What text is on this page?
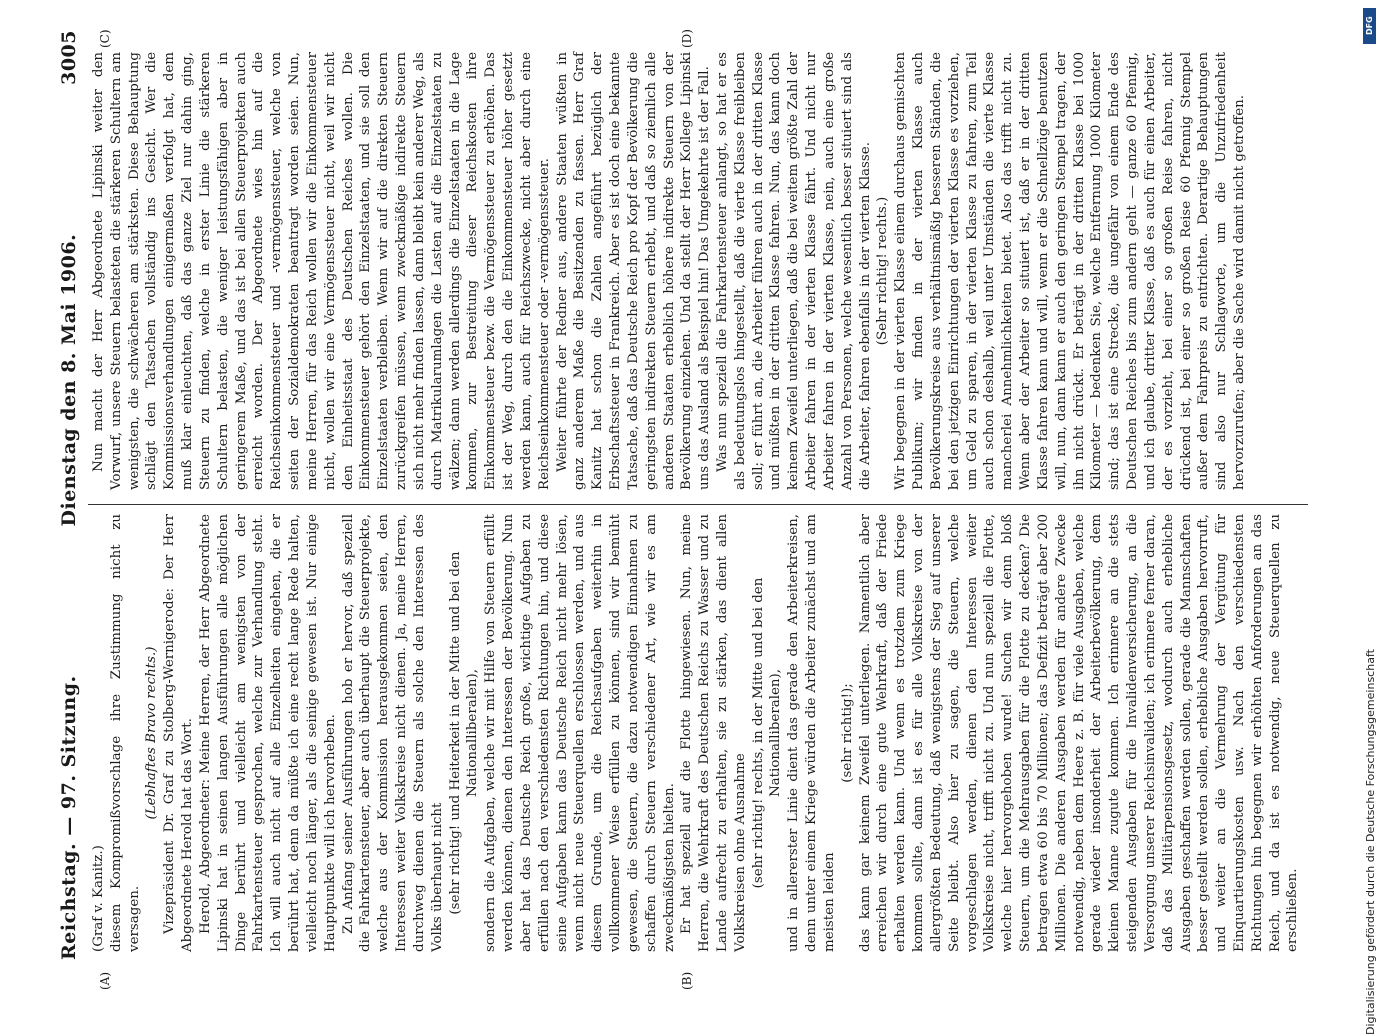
Reichstag. — 97. Sitzung.
Dienstag den 8. Mai 1906.
3005

(Graf v. Kanitz.) diesem Kompromißvorschlage ihre Zustimmung nicht zu versagen.

(Lebhaftes Bravo rechts.) Vizepräsident Dr. Graf zu Stolberg-Wernigerode: Der Herr Abgeordnete Herold hat das Wort. Herold, Abgeordneter: Meine Herren, der Herr Abgeordnete Lipinski hat in seinen langen Ausführungen alle möglichen Dinge berührt und vielleicht am wenigsten von der Fahrkartensteuer gesprochen, welche zur Verhandlung steht. Ich will auch nicht auf alle Einzelheiten eingehen, die er berührt hat, denn da müßte ich eine recht lange Rede halten, vielleicht noch länger, als die seinige gewesen ist. Nur einige Hauptpunkte will ich hervorheben. Zu Anfang seiner Ausführungen hob er hervor, daß speziell die Fahrkartensteuer, aber auch überhaupt die Steuerprojekte, welche aus der Kommission herausgekommen seien, den Interessen weiter Volkskreise nicht dienen. Ja, meine Herren, durchweg dienen die Steuern als solche den Interessen des Volks überhaupt nicht (sehr richtig! und Heiterkeit in der Mitte und bei den Nationalliberalen), sondern die Aufgaben, welche wir mit Hilfe von Steuern erfüllt werden können, dienen den Interessen der Bevölkerung. Nun aber hat das Deutsche Reich große, wichtige Aufgaben zu erfüllen nach den verschiedensten Richtungen hin, und diese seine Aufgaben kann das Deutsche Reich nicht mehr lösen, wenn nicht neue Steuerquellen erschlossen werden, und aus diesem Grunde, um die Reichsaufgaben weiterhin in vollkommener Weise erfüllen zu können, sind wir bemüht gewesen, die Steuern, die dazu notwendigen Einnahmen zu schaffen durch Steuern verschiedener Art, wie wir es am zweckmäßigsten hielten. Er hat speziell auf die Flotte hingewiesen. Nun, meine Herren, die Wehrkraft des Deutschen Reichs zu Wasser und zu Lande aufrecht zu erhalten, sie zu stärken, das dient allen Volkskreisen ohne Ausnahme (sehr richtig! rechts, in der Mitte und bei den Nationalliberalen), und in allererster Linie dient das gerade den Arbeiterkreisen, denn unter einem Kriege würden die Arbeiter zunächst und am meisten leiden

(sehr richtig!); das kann gar keinem Zweifel unterliegen. Namentlich aber erreichen wir durch eine gute Wehrkraft, daß der Friede erhalten werden kann. Und wenn es trotzdem zum Kriege kommen sollte, dann ist es für alle Volkskreise von der allergrößten Bedeutung, daß wenigstens der Sieg auf unserer Seite bleibt. Also hier zu sagen, die Steuern, welche vorgeschlagen werden, dienen den Interessen weiter Volkskreise nicht, trifft nicht zu. Und nun speziell die Flotte, welche hier hervorgehoben wurde! Suchen wir denn bloß Steuern, um die Mehrausgaben für die Flotte zu decken? Die betragen etwa 60 bis 70 Millionen; das Defizit beträgt aber 200 Millionen. Die anderen Ausgaben werden für andere Zwecke notwendig, neben dem Heere z. B. für viele Ausgaben, welche gerade wieder insonderheit der Arbeiterbevölkerung, dem kleinen Manne zugute kommen. Ich erinnere an die stets steigenden Ausgaben für die Invalidenversicherung, an die Versorgung unserer Reichsinvaliden; ich erinnere ferner daran, daß das Militärpensionsgesetz, wodurch auch erhebliche Ausgaben geschaffen werden sollen, gerade die Mannschaften besser gestellt werden sollen, erhebliche Ausgaben hervorruft, und weiter an die Vermehrung der Vergütung für Einquartierungskosten usw. Nach den verschiedensten Richtungen hin begegnen wir erhöhten Anforderungen an das Reich, und da ist es notwendig, neue Steuerquellen zu erschließen.

Nun macht der Herr Abgeordnete Lipinski weiter den Vorwurf, unsere Steuern belasteten die stärkeren Schultern am wenigsten, die schwächeren am stärksten. Diese Behauptung schlägt den Tatsachen vollständig ins Gesicht. Wer die Kommissionsverhandlungen einigermaßen verfolgt hat, dem muß klar einleuchten, daß das ganze Ziel nur dahin ging, Steuern zu finden, welche in erster Linie die stärkeren Schultern belasten, die weniger leistungsfähigen aber in geringerem Maße, und das ist bei allen Steuerprojekten auch erreicht worden. Der Abgeordnete wies hin auf die Reichseinkommensteuer und -vermögenssteuer, welche von seiten der Sozialdemokraten beantragt worden seien. Nun, meine Herren, für das Reich wollen wir die Einkommensteuer nicht, wollen wir eine Vermögenssteuer nicht, weil wir nicht den Einheitsstaat des Deutschen Reiches wollen. Die Einkommensteuer gehört den Einzelstaaten, und sie soll den Einzelstaaten verbleiben. Wenn wir auf die direkten Steuern zurückgreifen müssen, wenn zweckmäßige indirekte Steuern sich nicht mehr finden lassen, dann bleibt kein anderer Weg, als durch Matrikularumlagen die Lasten auf die Einzelstaaten zu wälzen; dann werden allerdings die Einzelstaaten in die Lage kommen, zur Bestreitung dieser Reichskosten ihre Einkommensteuer bezw. die Vermögenssteuer zu erhöhen. Das ist der Weg, durch den die Einkommensteuer höher gesetzt werden kann, auch für Reichszwecke, nicht aber durch eine Reichseinkommensteuer oder -vermögenssteuer. Weiter führte der Redner aus, andere Staaten wüßten in ganz anderem Maße die Besitzenden zu fassen. Herr Graf Kanitz hat schon die Zahlen angeführt bezüglich der Erbschaftssteuer in Frankreich. Aber es ist doch eine bekannte Tatsache, daß das Deutsche Reich pro Kopf der Bevölkerung die geringsten indirekten Steuern erhebt, und daß so ziemlich alle anderen Staaten erheblich höhere indirekte Steuern von der Bevölkerung einziehen. Und da stellt der Herr Kollege Lipinski uns das Ausland als Beispiel hin! Das Umgekehrte ist der Fall. Was nun speziell die Fahrkartensteuer anlangt, so hat er es als bedeutungslos hingestellt, daß die vierte Klasse freibleiben soll; er führt an, die Arbeiter führen auch in der dritten Klasse und müßten in der dritten Klasse fahren. Nun, das kann doch keinem Zweifel unterliegen, daß die bei weitem größte Zahl der Arbeiter fahren in der vierten Klasse fährt. Und nicht nur Arbeiter fahren in der vierten Klasse, nein, auch eine große Anzahl von Personen, welche wesentlich besser situiert sind als die Arbeiter, fahren ebenfalls in der vierten Klasse. (Sehr richtig! rechts.) Wir begegnen in der vierten Klasse einem durchaus gemischten Publikum; wir finden in der vierten Klasse auch Bevölkerungskreise aus verhältnismäßig besseren Ständen, die bei den jetzigen Einrichtungen der vierten Klasse es vorziehen, um Geld zu sparen, in der vierten Klasse zu fahren, zum Teil auch schon deshalb, weil unter Umständen die vierte Klasse mancherlei Annehmlichkeiten bietet. Also das trifft nicht zu. Wenn aber der Arbeiter so situiert ist, daß er in der dritten Klasse fahren kann und will, wenn er die Schnellzüge benutzen will, nun, dann kann er auch den geringen Stempel tragen, der ihn nicht drückt. Er beträgt in der dritten Klasse bei 1000 Kilometer — bedenken Sie, welche Entfernung 1000 Kilometer sind; das ist eine Strecke, die ungefähr von einem Ende des Deutschen Reiches bis zum andern geht — ganze 60 Pfennig, und ich glaube, dritter Klasse, daß es auch für einen Arbeiter, der es vorzieht, bei einer so großen Reise fahren, nicht drückend ist, bei einer so großen Reise 60 Pfennig Stempel außer dem Fahrpreis zu entrichten. Derartige Behauptungen sind also nur Schlagworte, um die Unzufriedenheit hervorzurufen; aber die Sache wird damit nicht getroffen.

(A)	(B)
(C)	(D)
DFG
Digitalisierung gefördert durch die Deutsche Forschungsgemeinschaft
